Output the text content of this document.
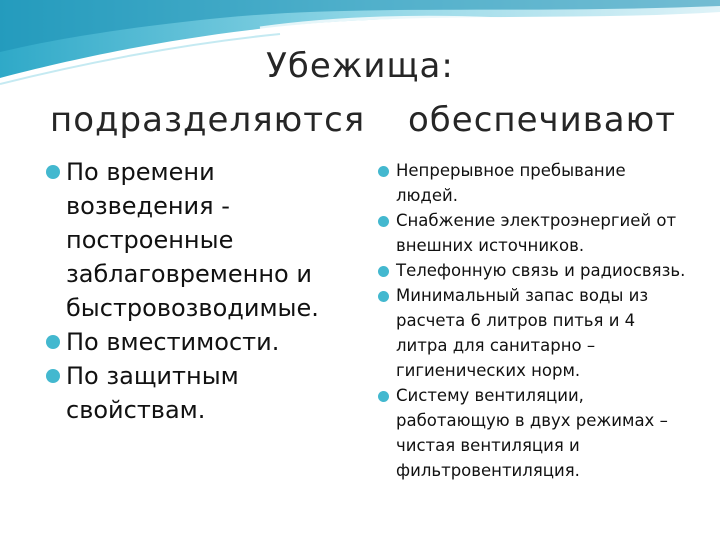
Убежища:
подразделяются обеспечивают
По времени возведения - построенные заблаговременно и быстровозводимые.
По вместимости.
По защитным свойствам.
Непрерывное пребывание людей.
Снабжение электроэнергией от внешних источников.
Телефонную связь и радиосвязь.
Минимальный запас воды из расчета 6 литров питья и 4 литра для санитарно – гигиенических норм.
Систему вентиляции, работающую в двух режимах – чистая вентиляция и фильтровентиляция.
